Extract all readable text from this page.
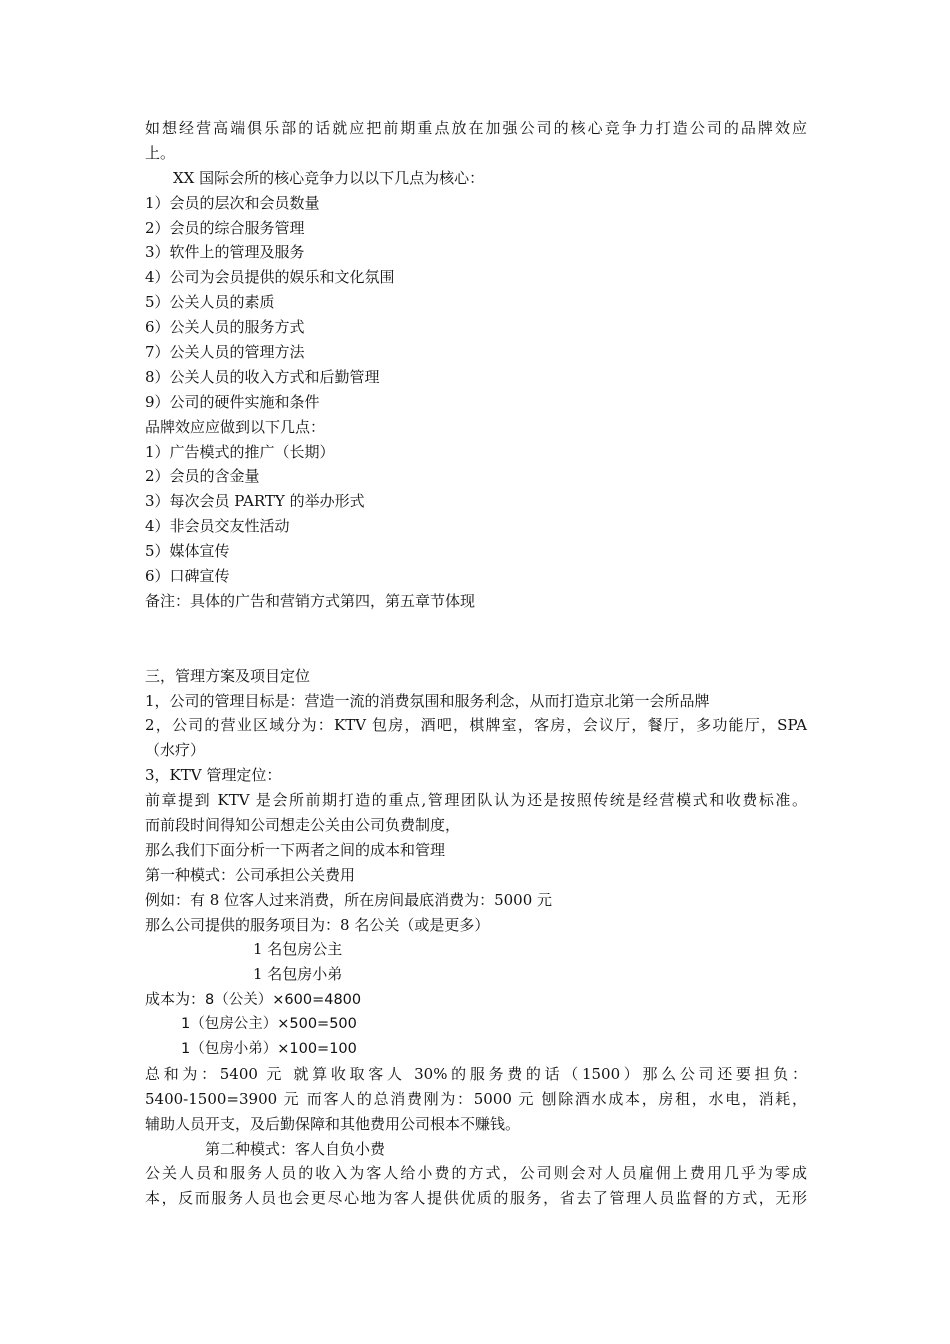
如想经营高端俱乐部的话就应把前期重点放在加强公司的核心竞争力打造公司的品牌效应
上。
XX 国际会所的核心竞争力以以下几点为核心：
1）会员的层次和会员数量
2）会员的综合服务管理
3）软件上的管理及服务
4）公司为会员提供的娱乐和文化氛围
5）公关人员的素质
6）公关人员的服务方式
7）公关人员的管理方法
8）公关人员的收入方式和后勤管理
9）公司的硬件实施和条件
品牌效应应做到以下几点：
1）广告模式的推广（长期）
2）会员的含金量
3）每次会员 PARTY 的举办形式
4）非会员交友性活动
5）媒体宣传
6）口碑宣传
备注：具体的广告和营销方式第四，第五章节体现
三，管理方案及项目定位
1，公司的管理目标是：营造一流的消费氛围和服务利念，从而打造京北第一会所品牌
2，公司的营业区域分为：KTV 包房，酒吧，棋牌室，客房，会议厅，餐厅，多功能厅，SPA
（水疗）
3，KTV 管理定位：
前章提到 KTV 是会所前期打造的重点,管理团队认为还是按照传统是经营模式和收费标准。
而前段时间得知公司想走公关由公司负费制度，
那么我们下面分析一下两者之间的成本和管理
第一种模式：公司承担公关费用
例如：有 8 位客人过来消费，所在房间最底消费为：5000 元
那么公司提供的服务项目为：8 名公关（或是更多）
1 名包房公主
1 名包房小弟
成本为：8（公关）×600=4800
1（包房公主）×500=500
1（包房小弟）×100=100
总和为：5400 元 就算收取客人 30%的服务费的话（1500）那么公司还要担负：
5400-1500=3900 元 而客人的总消费刚为：5000 元 刨除酒水成本，房租，水电，消耗，
辅助人员开支，及后勤保障和其他费用公司根本不赚钱。
第二种模式：客人自负小费
公关人员和服务人员的收入为客人给小费的方式，公司则会对人员雇佣上费用几乎为零成
本，反而服务人员也会更尽心地为客人提供优质的服务，省去了管理人员监督的方式，无形
